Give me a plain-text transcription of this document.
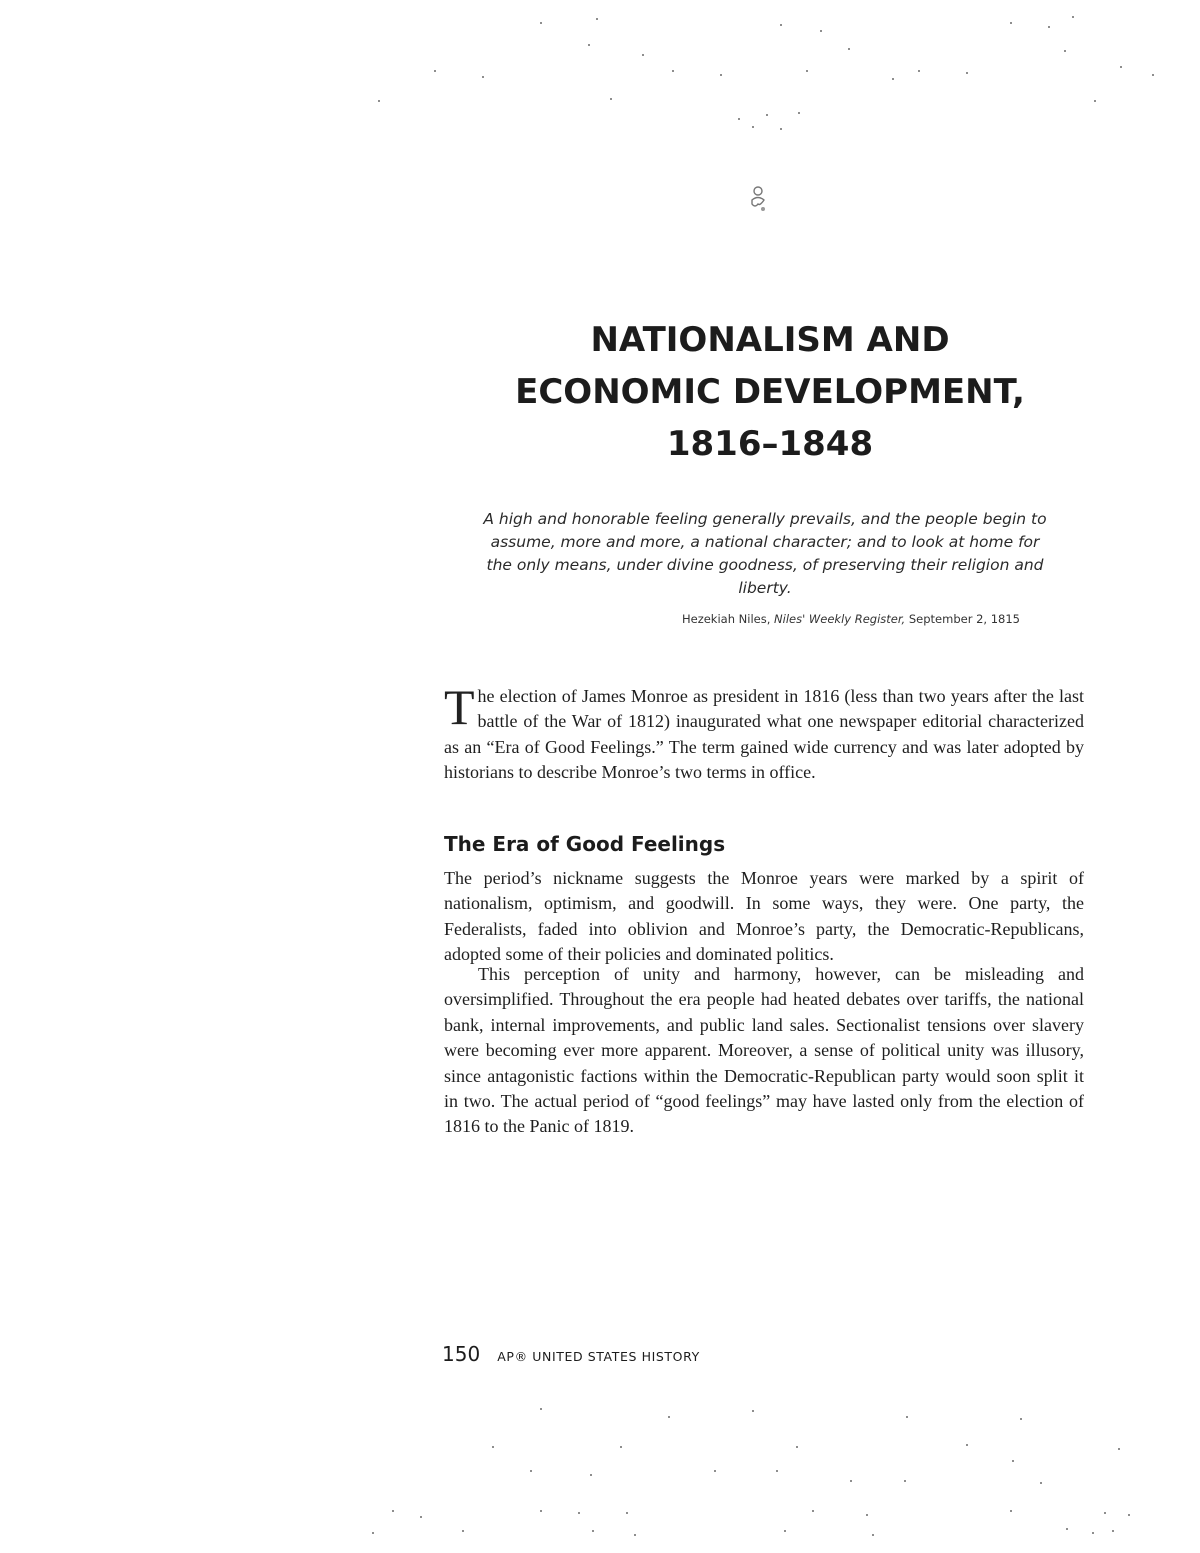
NATIONALISM AND
ECONOMIC DEVELOPMENT,
1816–1848

A high and honorable feeling generally prevails, and the people begin to assume, more and more, a national character; and to look at home for the only means, under divine goodness, of preserving their religion and liberty.

Hezekiah Niles, Niles' Weekly Register, September 2, 1815

The election of James Monroe as president in 1816 (less than two years after the last battle of the War of 1812) inaugurated what one newspaper editorial characterized as an “Era of Good Feelings.” The term gained wide currency and was later adopted by historians to describe Monroe’s two terms in office.

The Era of Good Feelings

The period’s nickname suggests the Monroe years were marked by a spirit of nationalism, optimism, and goodwill. In some ways, they were. One party, the Federalists, faded into oblivion and Monroe’s party, the Democratic-Republicans, adopted some of their policies and dominated politics.

This perception of unity and harmony, however, can be misleading and oversimplified. Throughout the era people had heated debates over tariffs, the national bank, internal improvements, and public land sales. Sectionalist tensions over slavery were becoming ever more apparent. Moreover, a sense of political unity was illusory, since antagonistic factions within the Democratic-Republican party would soon split it in two. The actual period of “good feelings” may have lasted only from the election of 1816 to the Panic of 1819.

150 AP® UNITED STATES HISTORY
